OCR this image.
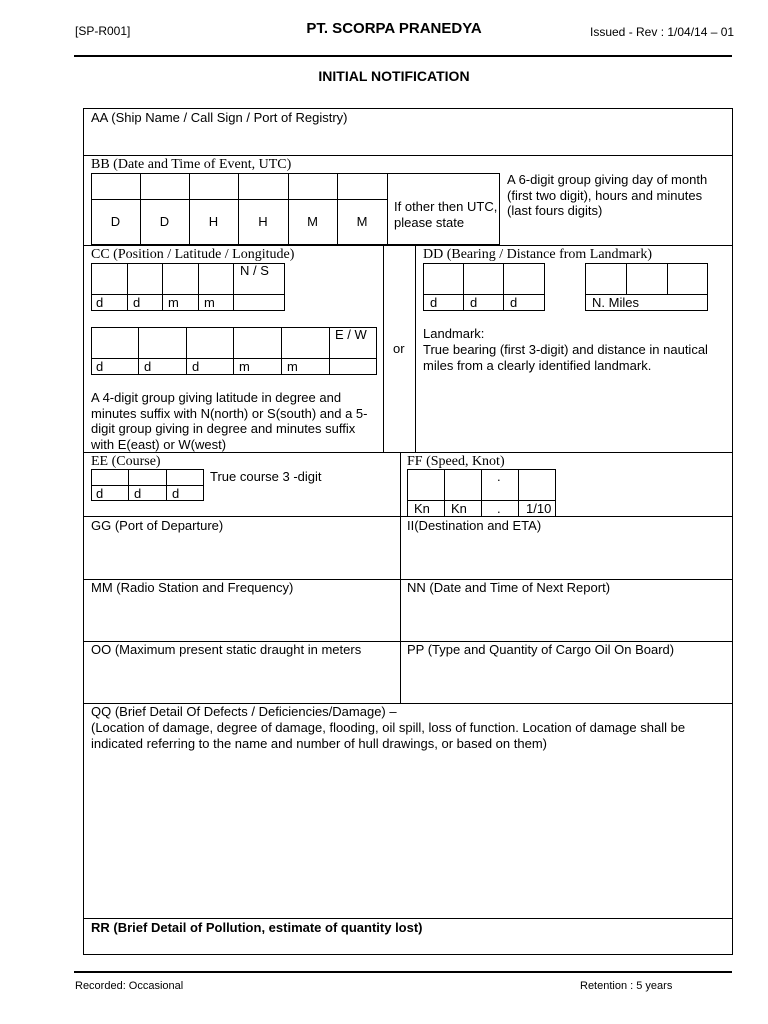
[SP-R001]	PT. SCORPA PRANEDYA	Issued - Rev : 1/04/14 – 01
INITIAL NOTIFICATION
AA (Ship Name / Call Sign / Port of Registry)
BB (Date and Time of Event, UTC)
D	D	H	H	M	M
If other then UTC, please state
A 6-digit group giving day of month (first two digit), hours and minutes (last fours digits)
CC (Position / Latitude / Longitude)
N / S
d d m m
E / W
d	d	d	m	m
A 4-digit group giving latitude in degree and minutes suffix with N(north) or S(south) and a 5-digit group giving in degree and minutes suffix with E(east) or W(west)
or
DD (Bearing / Distance from Landmark)
d	d	d	N. Miles
Landmark:
True bearing (first 3-digit) and distance in nautical miles from a clearly identified landmark.
EE (Course)
d d d
True course 3 -digit
FF (Speed, Knot)
.
Kn Kn . 1/10
GG (Port of Departure)	II(Destination and ETA)
MM (Radio Station and Frequency)	NN (Date and Time of Next Report)
OO (Maximum present static draught in meters	PP (Type and Quantity of Cargo Oil On Board)
QQ (Brief Detail Of Defects / Deficiencies/Damage) –
(Location of damage, degree of damage, flooding, oil spill, loss of function. Location of damage shall be indicated referring to the name and number of hull drawings, or based on them)
RR (Brief Detail of Pollution, estimate of quantity lost)
Recorded: Occasional	Retention : 5 years
